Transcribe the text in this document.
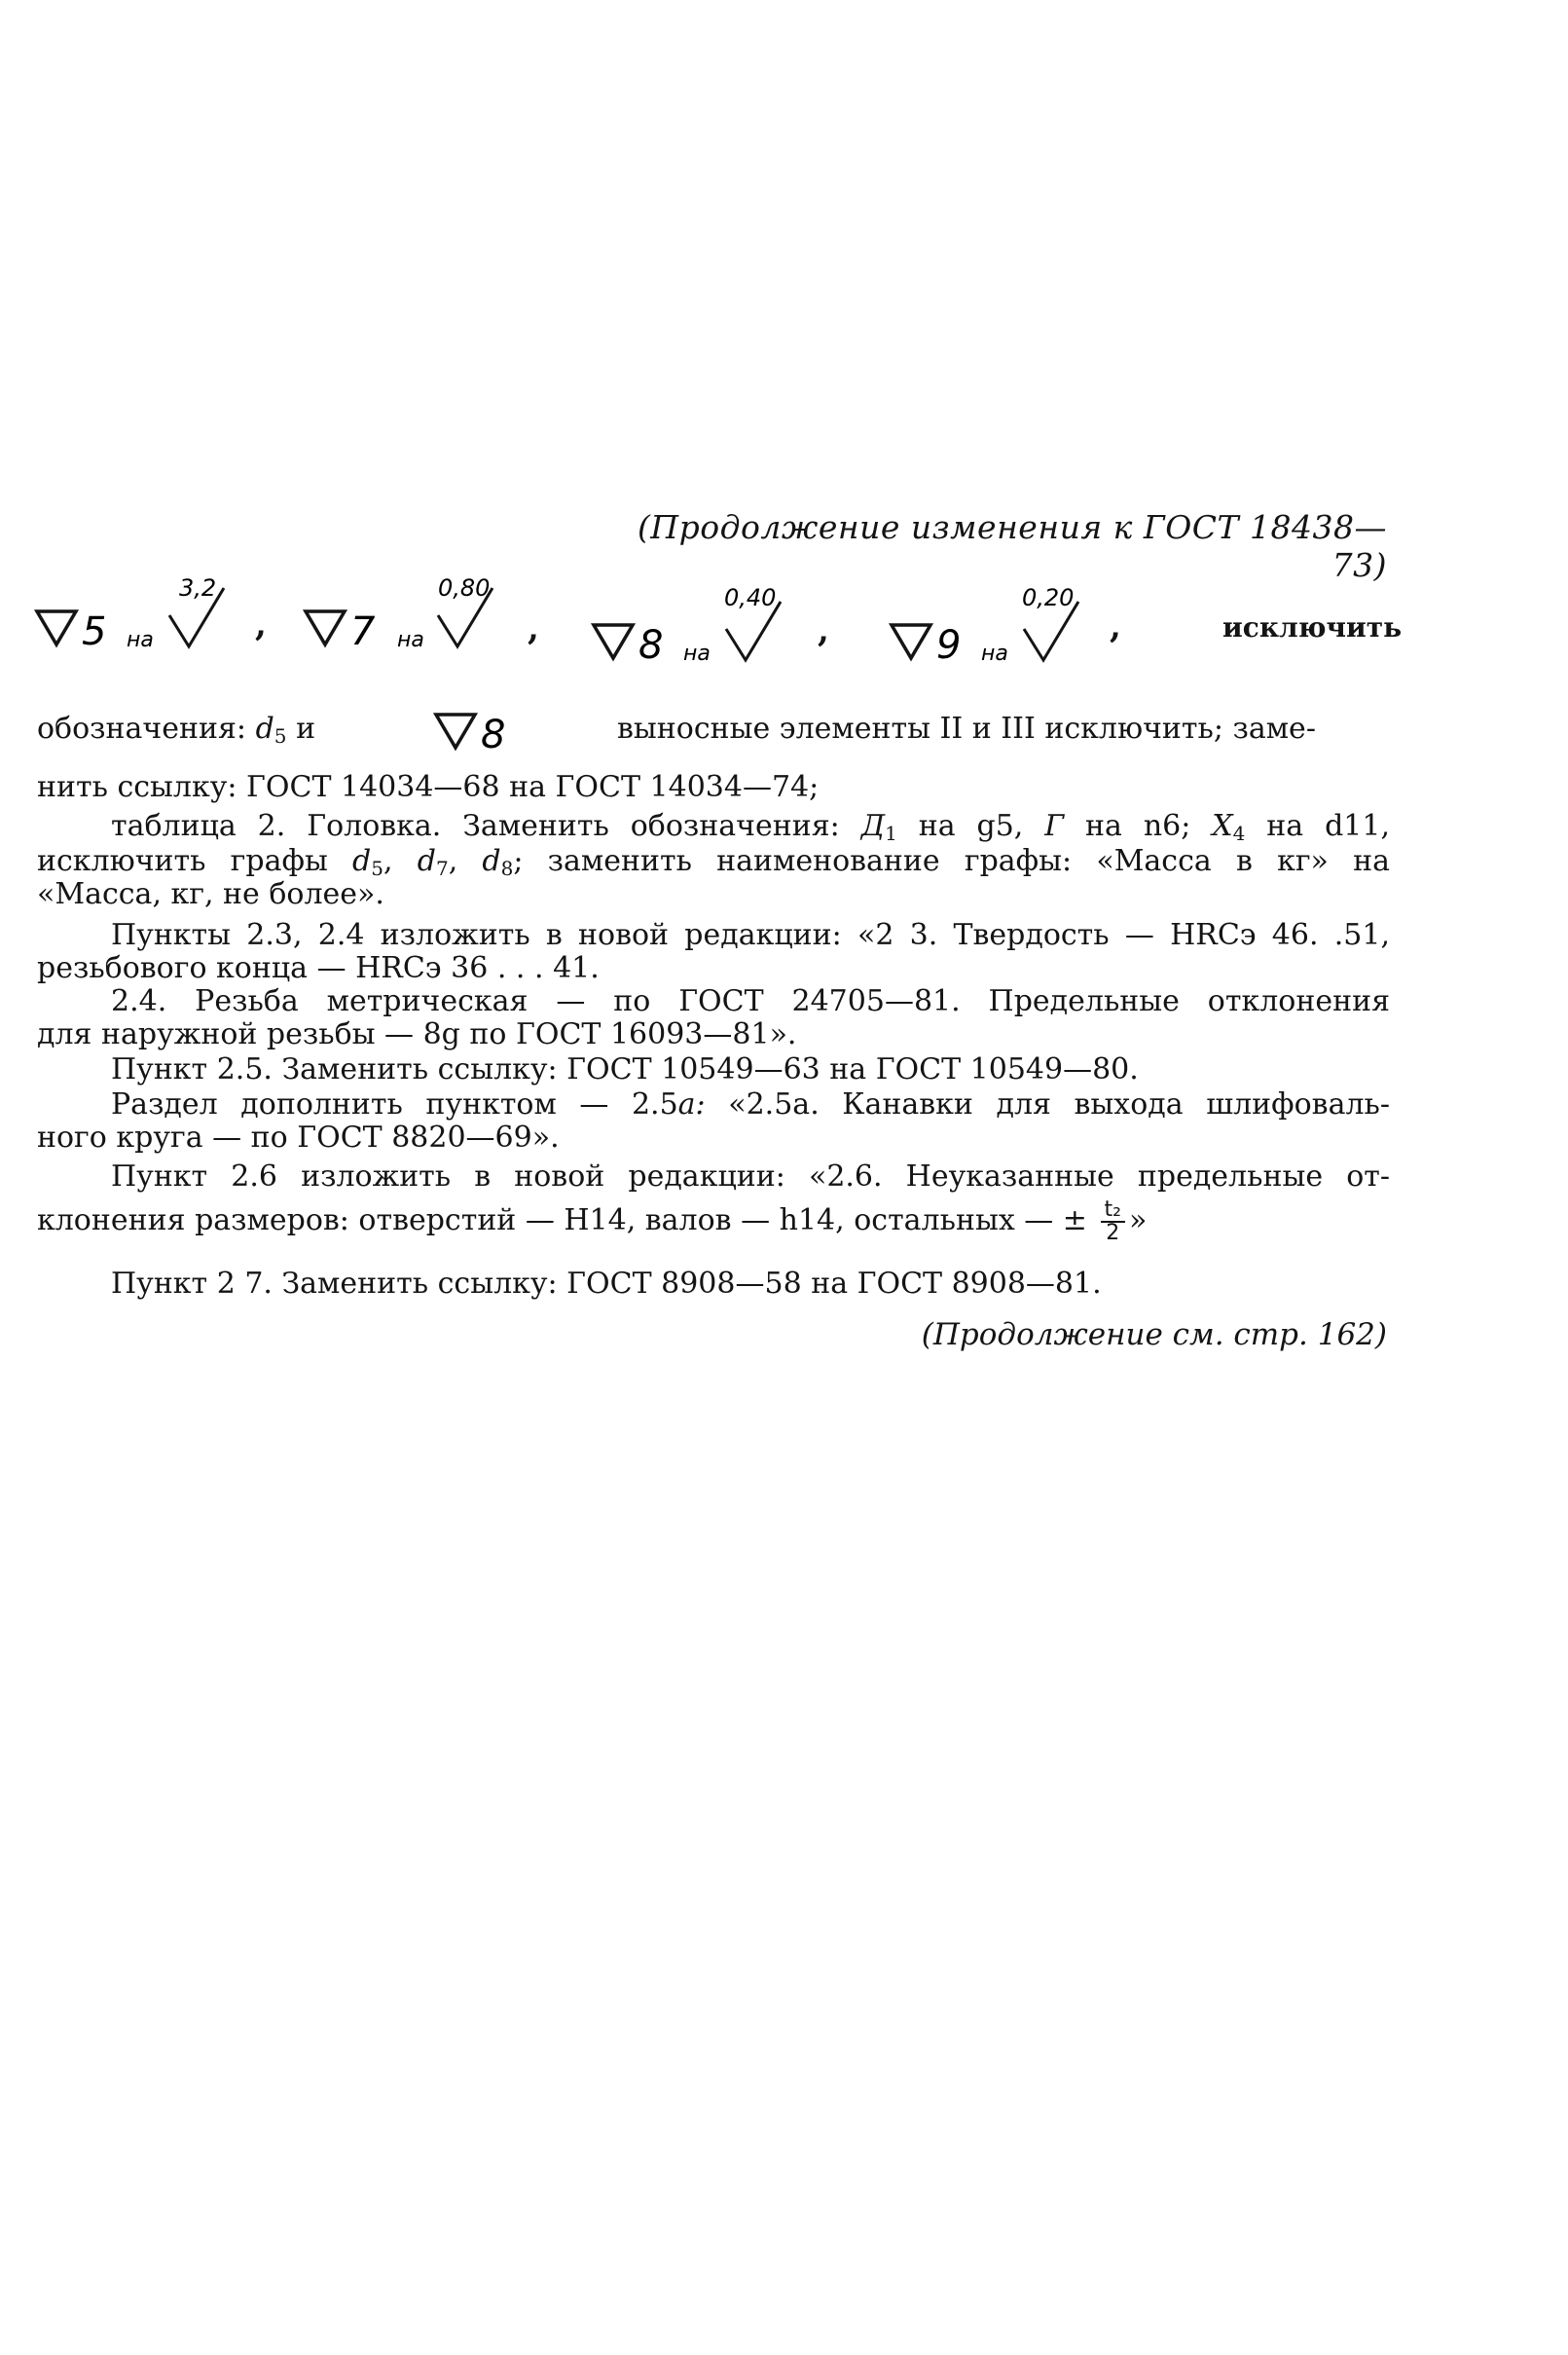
(Продолжение изменения к ГОСТ 18438—73)
5 на
3,2
, 7 на
0,80
,	8 на
0,40
,	9 на
0,20
,	исключить
обозначения: $d_5$ и	8	выносные элементы II и III исключить; заме-
нить ссылку: ГОСТ 14034—68 на ГОСТ 14034—74;
таблица 2. Головка. Заменить обозначения: $Д_1$ на g5, Г на n6; $X_4$ на d11,
исключить графы $d_5$, $d_7$, $d_8$; заменить наименование графы: «Масса в кг» на
«Масса, кг, не более».
Пункты 2.3, 2.4 изложить в новой редакции: «2 3. Твердость — HRCэ 46. .51,
резьбового конца — HRCэ 36 . . . 41.
2.4. Резьба метрическая — по ГОСТ 24705—81. Предельные отклонения
для наружной резьбы — 8g по ГОСТ 16093—81».
Пункт 2.5. Заменить ссылку: ГОСТ 10549—63 на ГОСТ 10549—80.
Раздел дополнить пунктом — 2.5а: «2.5а. Канавки для выхода шлифоваль-
ного круга — по ГОСТ 8820—69».
Пункт 2.6 изложить в новой редакции: «2.6. Неуказанные предельные от-
клонения размеров: отверстий — H14, валов — h14, остальных — ± $\frac{\text{t₂}}{2}$ »
Пункт 2 7. Заменить ссылку: ГОСТ 8908—58 на ГОСТ 8908—81.
(Продолжение см. стр. 162)
